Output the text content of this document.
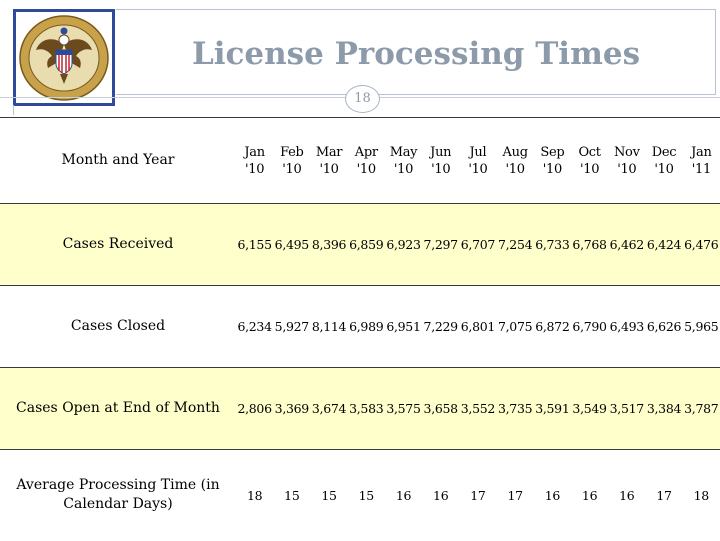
License Processing Times
18
Month and Year	Jan '10	Feb '10	Mar '10	Apr '10	May '10	Jun '10	Jul '10	Aug '10	Sep '10	Oct '10	Nov '10	Dec '10	Jan '11
Cases Received	6,155	6,495	8,396	6,859	6,923	7,297	6,707	7,254	6,733	6,768	6,462	6,424	6,476
Cases Closed	6,234	5,927	8,114	6,989	6,951	7,229	6,801	7,075	6,872	6,790	6,493	6,626	5,965
Cases Open at End of Month	2,806	3,369	3,674	3,583	3,575	3,658	3,552	3,735	3,591	3,549	3,517	3,384	3,787
Average Processing Time (in Calendar Days)	18	15	15	15	16	16	17	17	16	16	16	17	18
